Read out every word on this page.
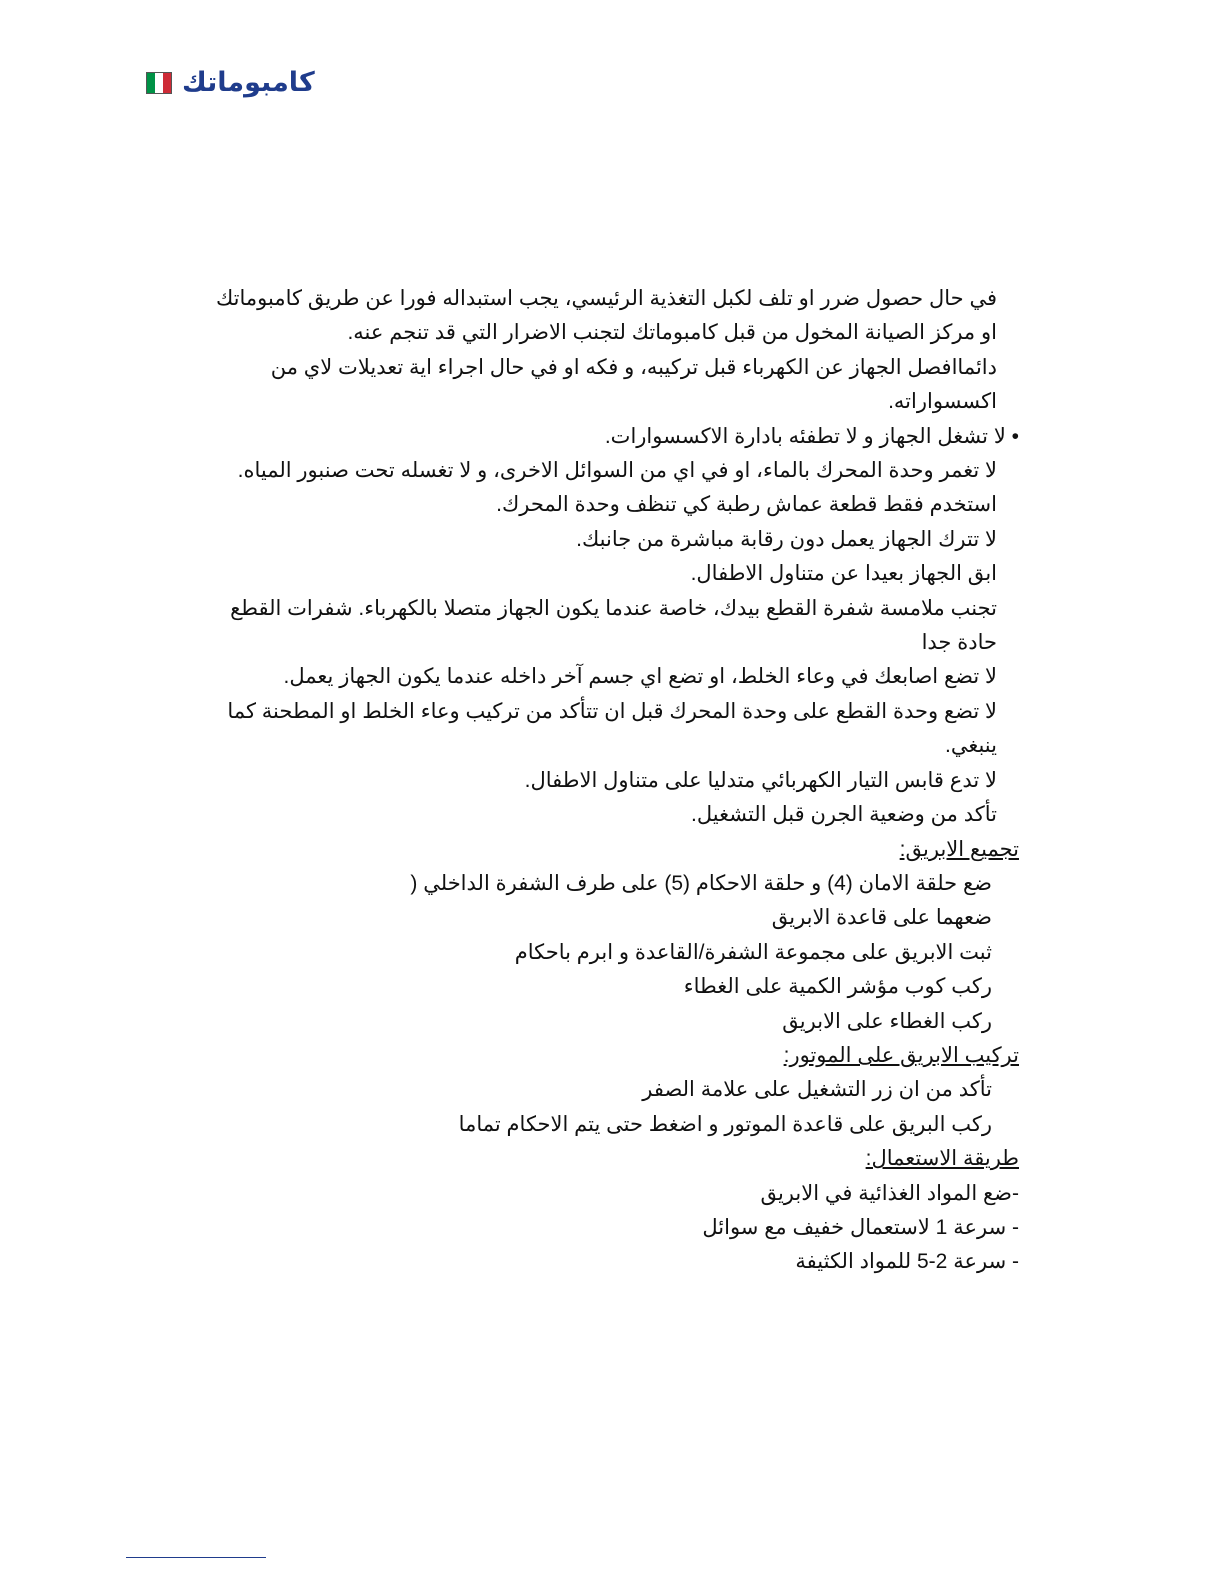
كامبوماتك

في حال حصول ضرر او تلف لكبل التغذية الرئيسي، يجب استبداله فورا عن طريق كامبوماتك او مركز الصيانة المخول من قبل كامبوماتك لتجنب الاضرار التي قد تنجم عنه.

دائماافصل الجهاز عن الكهرباء قبل تركيبه، و فكه او في حال اجراء اية تعديلات لاي من اكسسواراته.

• لا تشغل الجهاز و لا تطفئه بادارة الاكسسوارات.

لا تغمر وحدة المحرك بالماء، او في اي من السوائل الاخرى، و لا تغسله تحت صنبور المياه. استخدم فقط قطعة عماش رطبة كي تنظف وحدة المحرك.

لا تترك الجهاز يعمل دون رقابة مباشرة من جانبك.

ابق الجهاز بعيدا عن متناول الاطفال.

تجنب ملامسة شفرة القطع بيدك، خاصة عندما يكون الجهاز متصلا بالكهرباء. شفرات القطع حادة جدا

لا تضع اصابعك في وعاء الخلط، او تضع اي جسم آخر داخله عندما يكون الجهاز يعمل.

لا تضع وحدة القطع على وحدة المحرك قبل ان تتأكد من تركيب وعاء الخلط او المطحنة كما ينبغي.

لا تدع قابس التيار الكهربائي متدليا على متناول الاطفال.

تأكد من وضعية الجرن قبل التشغيل.

تجميع الابريق:

ضع حلقة الامان (4) و حلقة الاحكام (5) على طرف الشفرة الداخلي (

ضعهما على قاعدة الابريق

ثبت الابريق على مجموعة الشفرة/القاعدة و ابرم باحكام

ركب كوب مؤشر الكمية على الغطاء

ركب الغطاء على الابريق

تركيب الابريق على الموتور:

تأكد من ان زر التشغيل على علامة الصفر

ركب البريق على قاعدة الموتور و اضغط حتى يتم الاحكام تماما

طريقة الاستعمال:

-ضع المواد الغذائية في الابريق

- سرعة 1 لاستعمال خفيف مع سوائل

- سرعة 2-5 للمواد الكثيفة
